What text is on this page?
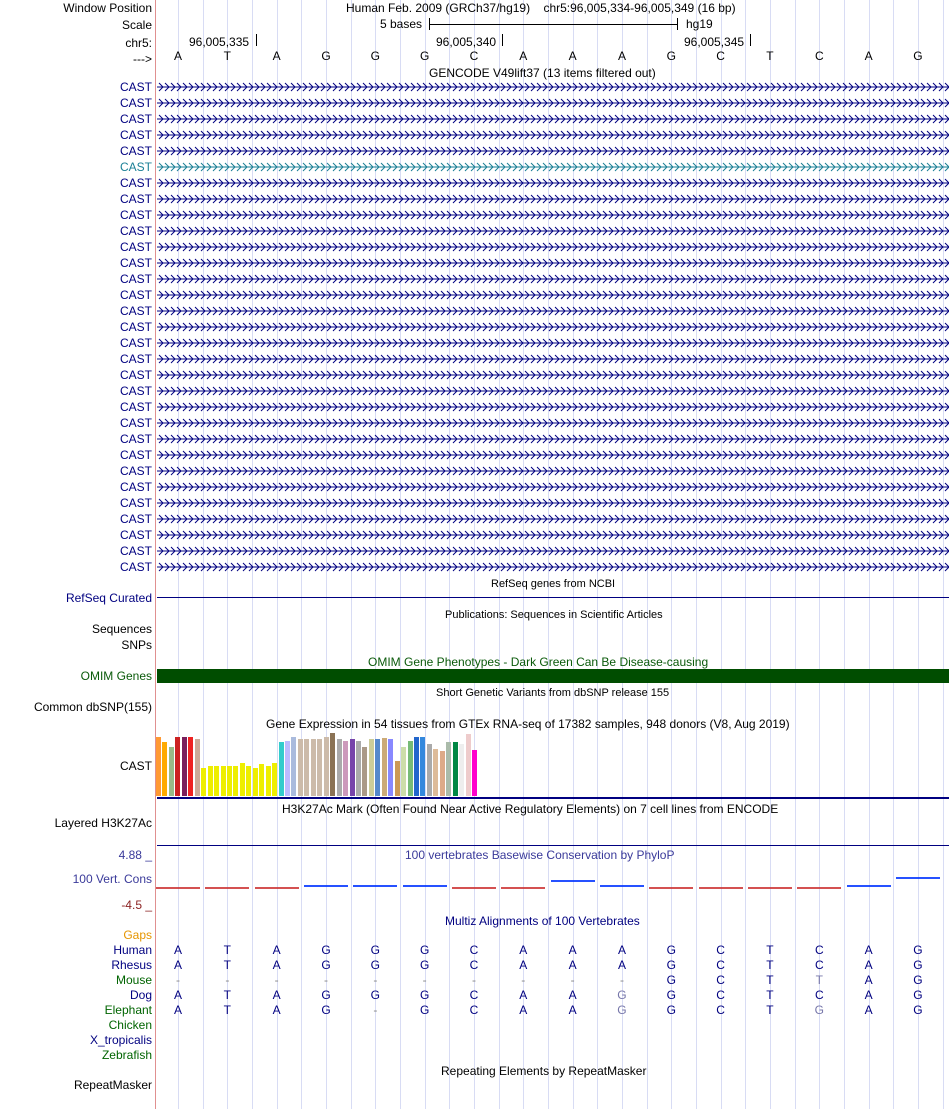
Window Position	Human Feb. 2009 (GRCh37/hg19)    chr5:96,005,334-96,005,349 (16 bp)
Scale	5 bases	hg19
chr5:	96,005,335	96,005,340	96,005,345
--->	A	T	A	G	G	G	C	A	A	A	G	C	T	C	A	G
GENCODE V49lift37 (13 items filtered out)
CAST
CAST
CAST
CAST
CAST
CAST
CAST
CAST
CAST
CAST
CAST
CAST
CAST
CAST
CAST
CAST
CAST
CAST
CAST
CAST
CAST
CAST
CAST
CAST
CAST
CAST
CAST
CAST
CAST
CAST
CAST
RefSeq genes from NCBI
RefSeq Curated
Publications: Sequences in Scientific Articles
Sequences
SNPs
OMIM Gene Phenotypes - Dark Green Can Be Disease-causing
OMIM Genes
Short Genetic Variants from dbSNP release 155
Common dbSNP(155)
Gene Expression in 54 tissues from GTEx RNA-seq of 17382 samples, 948 donors (V8, Aug 2019)
CAST
H3K27Ac Mark (Often Found Near Active Regulatory Elements) on 7 cell lines from ENCODE
Layered H3K27Ac
100 vertebrates Basewise Conservation by PhyloP
4.88 _
100 Vert. Cons
-4.5 _
Multiz Alignments of 100 Vertebrates
Gaps
Human	A	T	A	G	G	G	C	A	A	A	G	C	T	C	A	G
Rhesus	A	T	A	G	G	G	C	A	A	A	G	C	T	C	A	G
Mouse	-	-	-	-	-	-	-	-	-	-	G	C	T	T	A	G
Dog	A	T	A	G	G	G	C	A	A	G	G	C	T	C	A	G
Elephant	A	T	A	G	-	G	C	A	A	G	G	C	T	G	A	G
Chicken
X_tropicalis
Zebrafish
Repeating Elements by RepeatMasker
RepeatMasker
